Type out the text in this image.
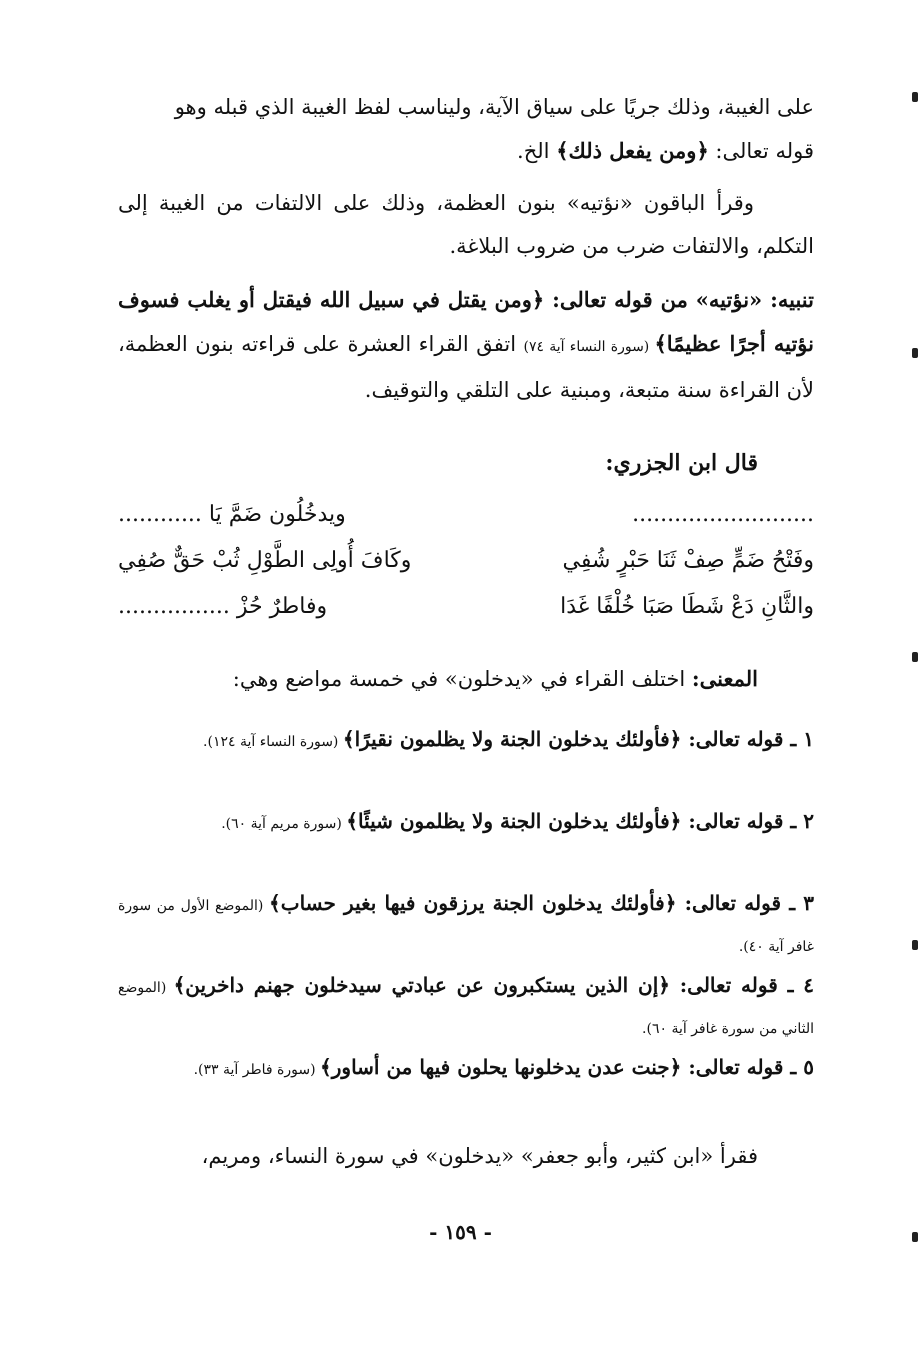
على الغيبة، وذلك جريًا على سياق الآية، وليناسب لفظ الغيبة الذي قبله وهو
قوله تعالى: ﴿ومن يفعل ذلك﴾ الخ.

وقرأ الباقون «نؤتيه» بنون العظمة، وذلك على الالتفات من الغيبة إلى التكلم، والالتفات ضرب من ضروب البلاغة.

تنبيه: «نؤتيه» من قوله تعالى: ﴿ومن يقتل في سبيل الله فيقتل أو يغلب فسوف نؤتيه أجرًا عظيمًا﴾ (سورة النساء آية ٧٤) اتفق القراء العشرة على قراءته بنون العظمة، لأن القراءة سنة متبعة، ومبنية على التلقي والتوقيف.

قال ابن الجزري:
..........................
ويدخُلُون ضَمَّ يَا ............
وفَتْحُ ضَمٍّ صِفْ ثَنَا حَبْرٍ شُفِي
وكَافَ أُولِى الطَّوْلِ ثُبْ حَقٌّ صُفِي
والثَّانِ دَعْ شَطَا صَبَا خُلْفًا غَدَا
وفاطرٌ حُزْ ................
المعنى: اختلف القراء في «يدخلون» في خمسة مواضع وهي:

١ ـ قوله تعالى: ﴿فأولئك يدخلون الجنة ولا يظلمون نقيرًا﴾ (سورة النساء آية ١٢٤).

٢ ـ قوله تعالى: ﴿فأولئك يدخلون الجنة ولا يظلمون شيئًا﴾ (سورة مريم آية ٦٠).

٣ ـ قوله تعالى: ﴿فأولئك يدخلون الجنة يرزقون فيها بغير حساب﴾ (الموضع الأول من سورة غافر آية ٤٠).

٤ ـ قوله تعالى: ﴿إن الذين يستكبرون عن عبادتي سيدخلون جهنم داخرين﴾ (الموضع الثاني من سورة غافر آية ٦٠).

٥ ـ قوله تعالى: ﴿جنت عدن يدخلونها يحلون فيها من أساور﴾ (سورة فاطر آية ٣٣).

فقرأ «ابن كثير، وأبو جعفر» «يدخلون» في سورة النساء، ومريم،
- ١٥٩ -
